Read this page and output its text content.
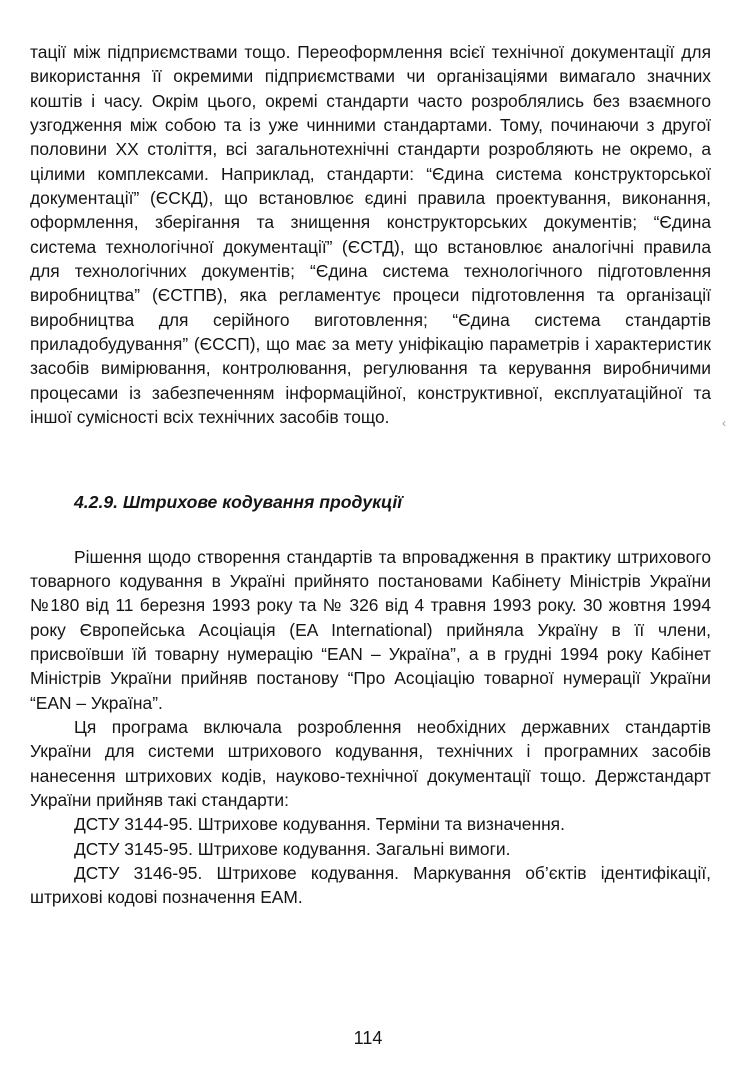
тації між підприємствами тощо. Переоформлення всієї технічної документації для використання її окремими підприємствами чи організаціями вимагало значних коштів і часу. Окрім цього, окремі стандарти часто розроблялись без взаємного узгодження між собою та із уже чинними стандартами. Тому, починаючи з другої половини XX століття, всі загальнотехнічні стандарти розробляють не окремо, а цілими комплексами. Наприклад, стандарти: “Єдина система конструкторської документації” (ЄСКД), що встановлює єдині правила проектування, виконання, оформлення, зберігання та знищення конструкторських документів; “Єдина система технологічної документації” (ЄСТД), що встановлює аналогічні правила для технологічних документів; “Єдина система технологічного підготовлення виробництва” (ЄСТПВ), яка регламентує процеси підготовлення та організації виробництва для серійного виготовлення; “Єдина система стандартів приладобудування” (ЄССП), що має за мету уніфікацію параметрів і характеристик засобів вимірювання, контролювання, регулювання та керування виробничими процесами із забезпеченням інформаційної, конструктивної, експлуатаційної та іншої сумісності всіх технічних засобів тощо.

4.2.9. Штрихове кодування продукції

Рішення щодо створення стандартів та впровадження в практику штрихового товарного кодування в Україні прийнято постановами Кабінету Міністрів України №180 від 11 березня 1993 року та № 326 від 4 травня 1993 року. 30 жовтня 1994 року Європейська Асоціація (EA International) прийняла Україну в її члени, присвоївши їй товарну нумерацію “EAN – Україна”, а в грудні 1994 року Кабінет Міністрів України прийняв постанову “Про Асоціацію товарної нумерації України “EAN – Україна”.

Ця програма включала розроблення необхідних державних стандартів України для системи штрихового кодування, технічних і програмних засобів нанесення штрихових кодів, науково-технічної документації тощо. Держстандарт України прийняв такі стандарти:

ДСТУ 3144-95. Штрихове кодування. Терміни та визначення.

ДСТУ 3145-95. Штрихове кодування. Загальні вимоги.

ДСТУ 3146-95. Штрихове кодування. Маркування об’єктів ідентифікації, штрихові кодові позначення EAM.

‹
114
